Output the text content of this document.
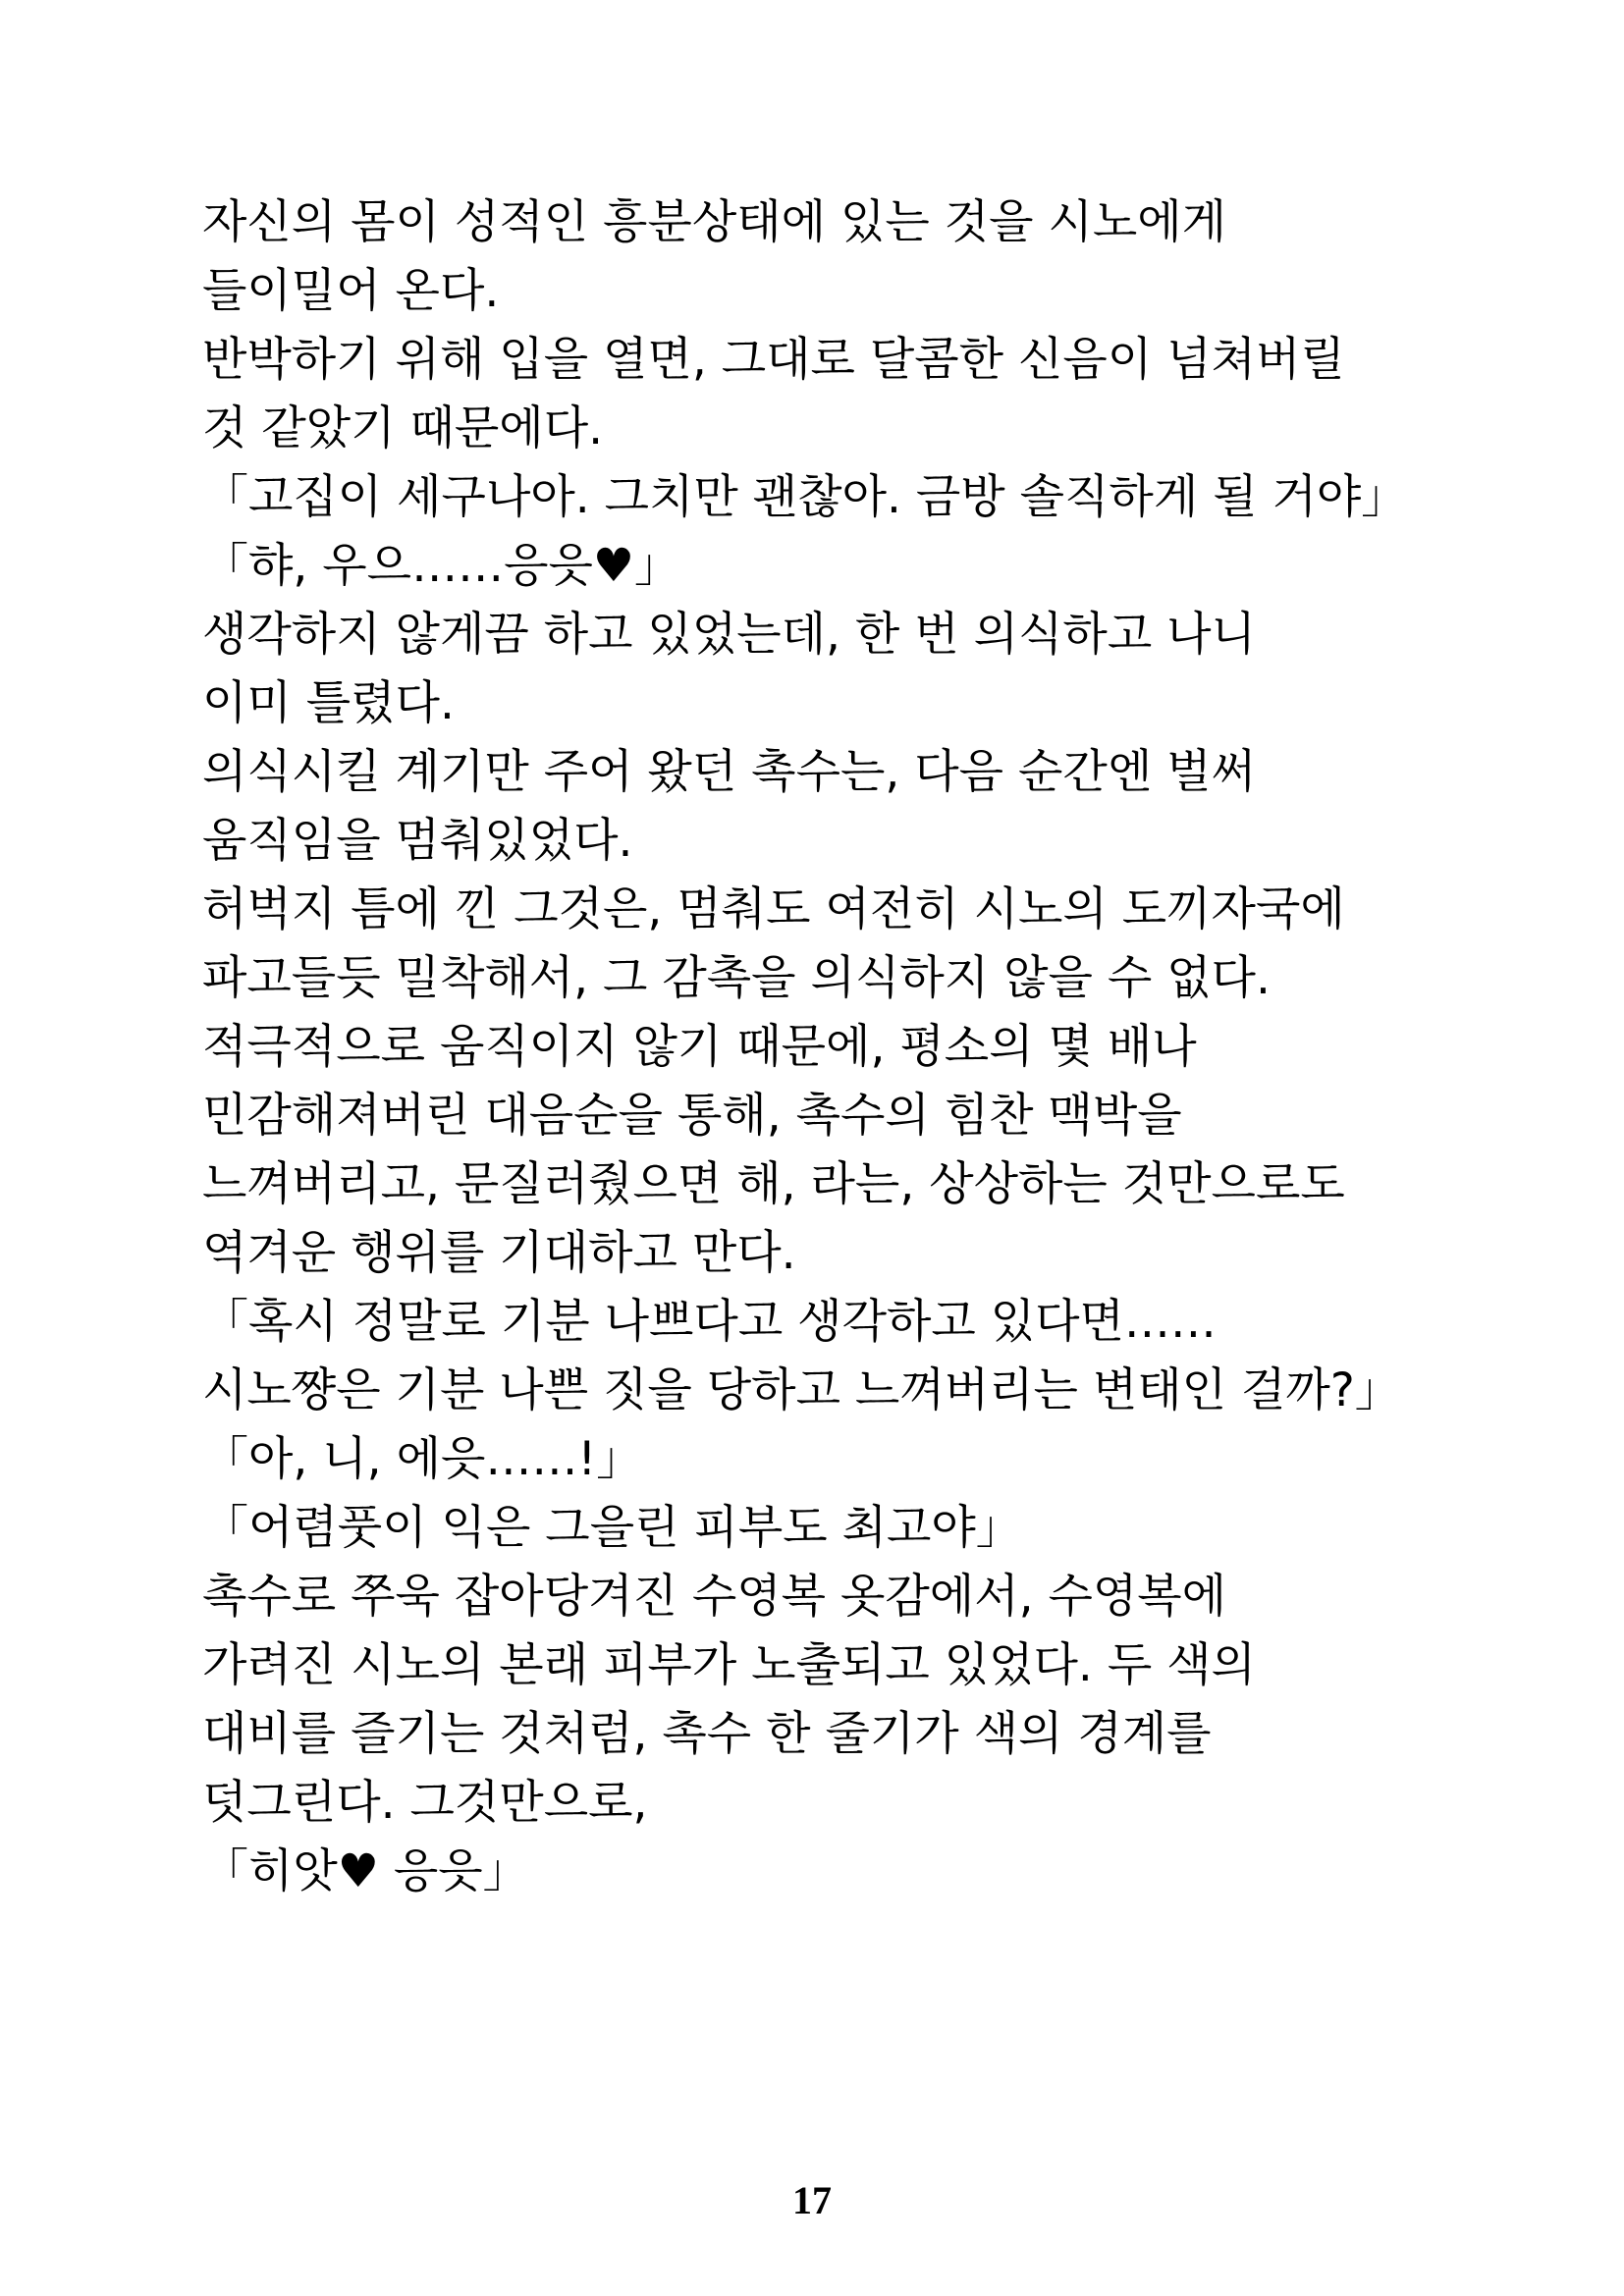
자신의 몸이 성적인 흥분상태에 있는 것을 시노에게
들이밀어 온다.
반박하기 위해 입을 열면, 그대로 달콤한 신음이 넘쳐버릴
것 같았기 때문에다.
「고집이 세구나아. 그치만 괜찮아. 금방 솔직하게 될 거야」
「햐, 우으……응읏♥」
생각하지 않게끔 하고 있었는데, 한 번 의식하고 나니
이미 틀렸다.
의식시킬 계기만 주어 왔던 촉수는, 다음 순간엔 벌써
움직임을 멈춰있었다.
허벅지 틈에 낀 그것은, 멈춰도 여전히 시노의 도끼자국에
파고들듯 밀착해서, 그 감촉을 의식하지 않을 수 없다.
적극적으로 움직이지 않기 때문에, 평소의 몇 배나
민감해져버린 대음순을 통해, 촉수의 힘찬 맥박을
느껴버리고, 문질러줬으면 해, 라는, 상상하는 것만으로도
역겨운 행위를 기대하고 만다.
「혹시 정말로 기분 나쁘다고 생각하고 있다면……
시노쨩은 기분 나쁜 짓을 당하고 느껴버리는 변태인 걸까?」
「아, 니, 에읏……!」
「어렴풋이 익은 그을린 피부도 최고야」
촉수로 쭈욱 잡아당겨진 수영복 옷감에서, 수영복에
가려진 시노의 본래 피부가 노출되고 있었다. 두 색의
대비를 즐기는 것처럼, 촉수 한 줄기가 색의 경계를
덧그린다. 그것만으로,
「히앗♥ 응읏」
17
